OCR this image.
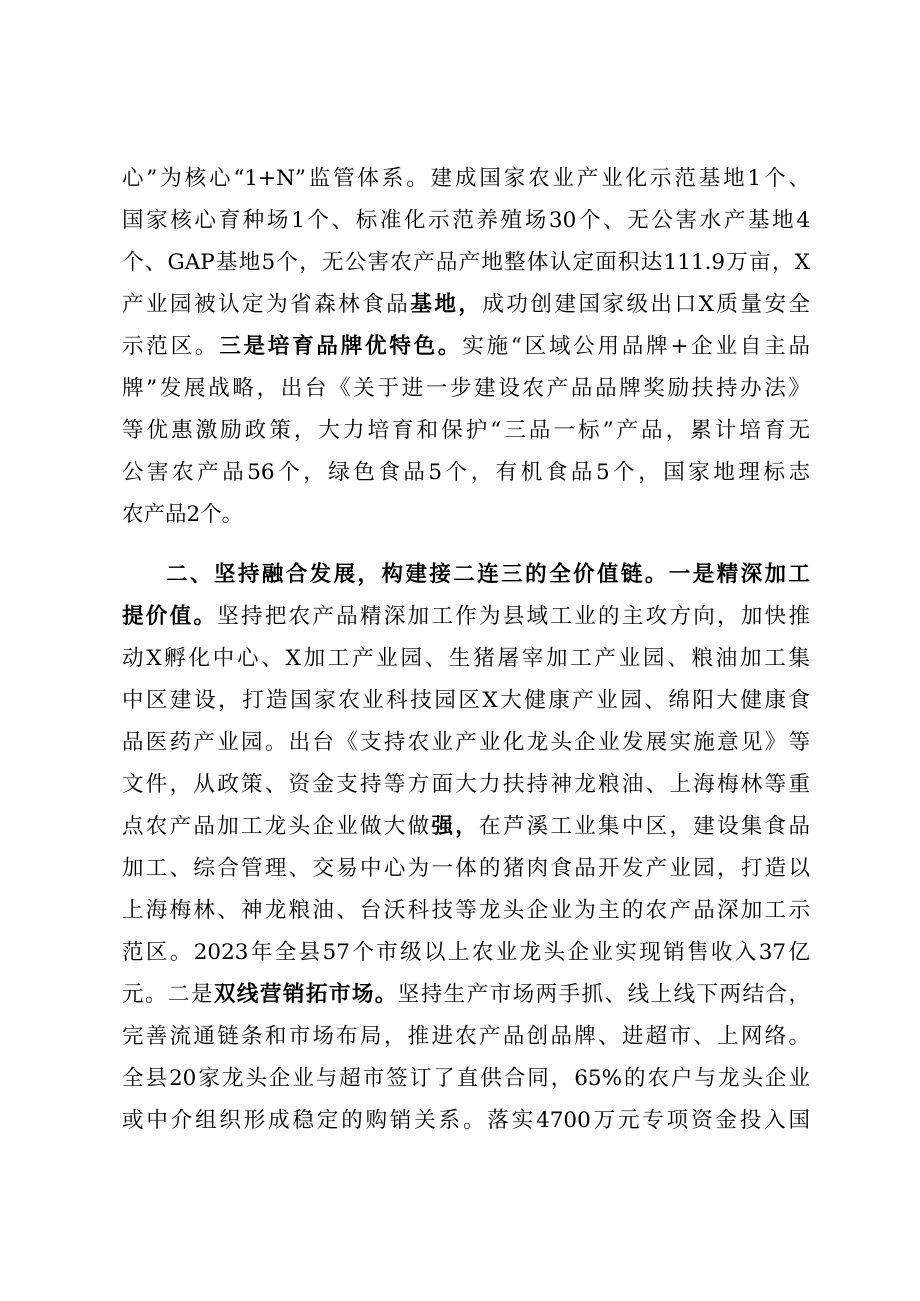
心”为核心“1+N”监管体系。建成国家农业产业化示范基地1个、
国家核心育种场1个、标准化示范养殖场30个、无公害水产基地4
个、GAP基地5个，无公害农产品产地整体认定面积达111.9万亩，X
产业园被认定为省森林食品基地，成功创建国家级出口X质量安全
示范区。三是培育品牌优特色。实施“区域公用品牌+企业自主品
牌”发展战略，出台《关于进一步建设农产品品牌奖励扶持办法》
等优惠激励政策，大力培育和保护“三品一标”产品，累计培育无
公害农产品56个，绿色食品5个，有机食品5个，国家地理标志
农产品2个。
二、坚持融合发展，构建接二连三的全价值链。一是精深加工
提价值。坚持把农产品精深加工作为县域工业的主攻方向，加快推
动X孵化中心、X加工产业园、生猪屠宰加工产业园、粮油加工集
中区建设，打造国家农业科技园区X大健康产业园、绵阳大健康食
品医药产业园。出台《支持农业产业化龙头企业发展实施意见》等
文件，从政策、资金支持等方面大力扶持神龙粮油、上海梅林等重
点农产品加工龙头企业做大做强，在芦溪工业集中区，建设集食品
加工、综合管理、交易中心为一体的猪肉食品开发产业园，打造以
上海梅林、神龙粮油、台沃科技等龙头企业为主的农产品深加工示
范区。2023年全县57个市级以上农业龙头企业实现销售收入37亿
元。二是双线营销拓市场。坚持生产市场两手抓、线上线下两结合，
完善流通链条和市场布局，推进农产品创品牌、进超市、上网络。
全县20家龙头企业与超市签订了直供合同，65%的农户与龙头企业
或中介组织形成稳定的购销关系。落实4700万元专项资金投入国
